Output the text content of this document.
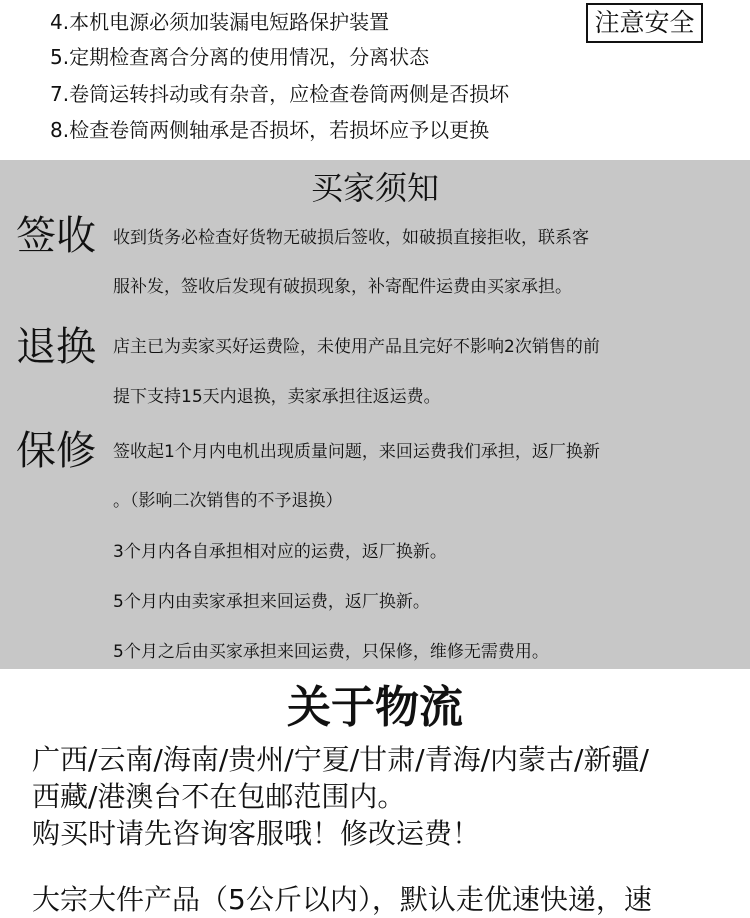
4.本机电源必须加装漏电短路保护装置
5.定期检查离合分离的使用情况，分离状态
7.卷筒运转抖动或有杂音，应检查卷筒两侧是否损坏
8.检查卷筒两侧轴承是否损坏，若损坏应予以更换
注意安全
买家须知
签收 收到货务必检查好货物无破损后签收，如破损直接拒收，联系客
服补发，签收后发现有破损现象，补寄配件运费由买家承担。
退换 店主已为卖家买好运费险，未使用产品且完好不影响2次销售的前
提下支持15天内退换，卖家承担往返运费。
保修 签收起1个月内电机出现质量问题，来回运费我们承担，返厂换新
。（影响二次销售的不予退换）
3个月内各自承担相对应的运费，返厂换新。
5个月内由卖家承担来回运费，返厂换新。
5个月之后由买家承担来回运费，只保修，维修无需费用。
关于物流
广西/云南/海南/贵州/宁夏/甘肃/青海/内蒙古/新疆/
西藏/港澳台不在包邮范围内。
购买时请先咨询客服哦！修改运费！
大宗大件产品（5公斤以内），默认走优速快递，速
